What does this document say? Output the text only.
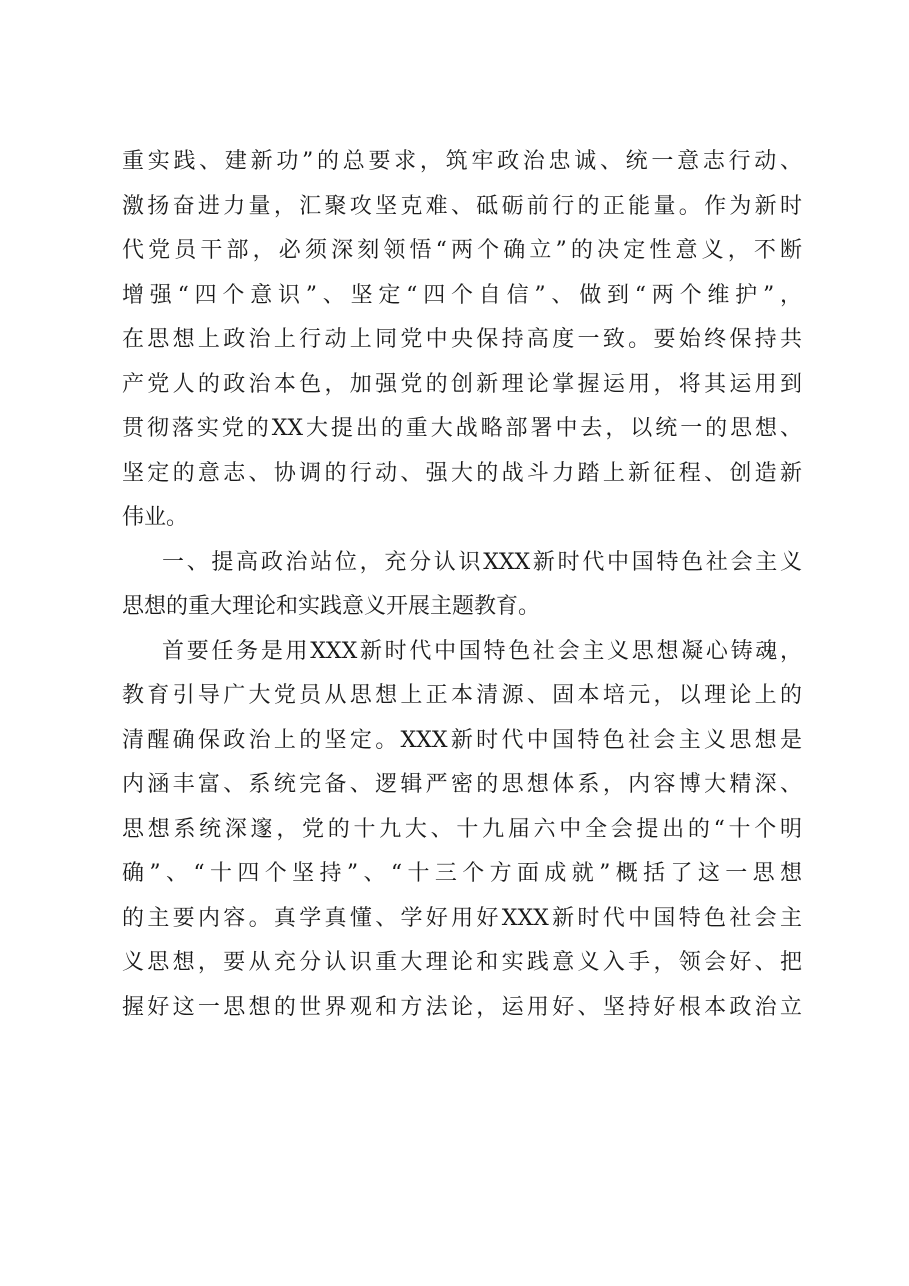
重实践、建新功”的总要求，筑牢政治忠诚、统一意志行动、
激扬奋进力量，汇聚攻坚克难、砥砺前行的正能量。作为新时
代党员干部，必须深刻领悟“两个确立”的决定性意义，不断
增强“四个意识”、坚定“四个自信”、做到“两个维护”，
在思想上政治上行动上同党中央保持高度一致。要始终保持共
产党人的政治本色，加强党的创新理论掌握运用，将其运用到
贯彻落实党的XX大提出的重大战略部署中去，以统一的思想、
坚定的意志、协调的行动、强大的战斗力踏上新征程、创造新
伟业。
一、提高政治站位，充分认识XXX新时代中国特色社会主义
思想的重大理论和实践意义开展主题教育。
首要任务是用XXX新时代中国特色社会主义思想凝心铸魂，
教育引导广大党员从思想上正本清源、固本培元，以理论上的
清醒确保政治上的坚定。XXX新时代中国特色社会主义思想是
内涵丰富、系统完备、逻辑严密的思想体系，内容博大精深、
思想系统深邃，党的十九大、十九届六中全会提出的“十个明
确”、“十四个坚持”、“十三个方面成就”概括了这一思想
的主要内容。真学真懂、学好用好XXX新时代中国特色社会主
义思想，要从充分认识重大理论和实践意义入手，领会好、把
握好这一思想的世界观和方法论，运用好、坚持好根本政治立
